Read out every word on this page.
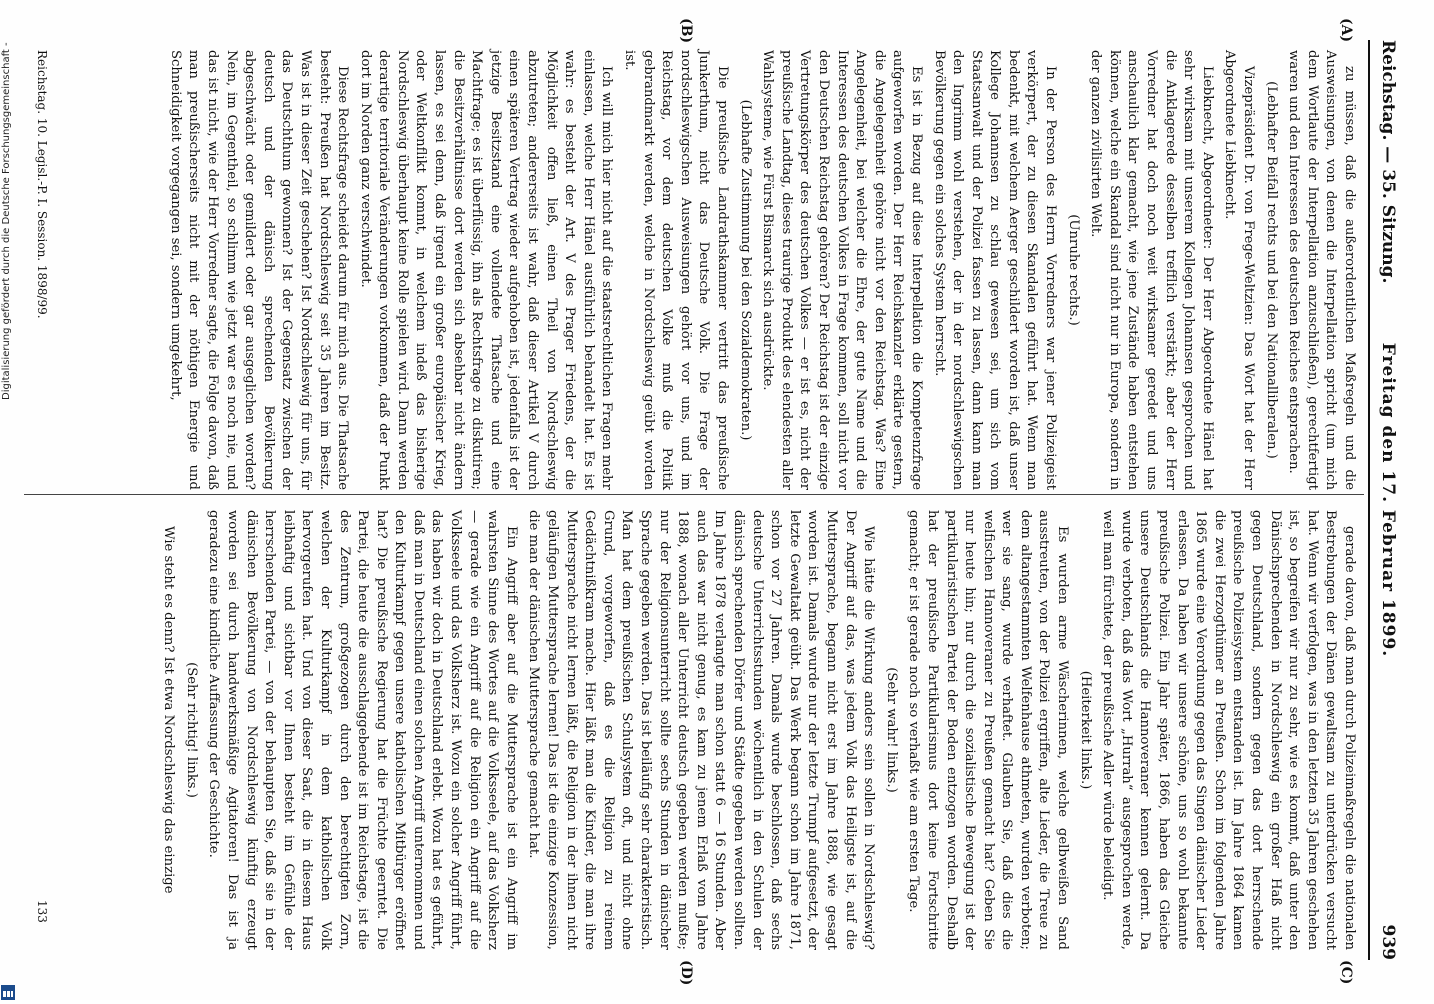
Reichstag. — 35. Sitzung.
Freitag den 17. Februar 1899.
939
(A)
(B)
(C)
(D)

zu müssen, daß die außerordentlichen Maßregeln und die Ausweisungen, von denen die Interpellation spricht (um mich dem Wortlaute der Interpellation anzuschließen), gerechtfertigt waren und den Interessen des deutschen Reiches entsprachen.

(Lebhafter Beifall rechts und bei den Nationalliberalen.)

Vizepräsident Dr. von Frege-Weltzien: Das Wort hat der Herr Abgeordnete Liebknecht.

Liebknecht, Abgeordneter: Der Herr Abgeordnete Hänel hat sehr wirksam mit unserem Kollegen Johannsen gesprochen und die Anklagerede desselben trefflich verstärkt; aber der Herr Vorredner hat doch noch weit wirksamer geredet und uns anschaulich klar gemacht, wie jene Zustände haben entstehen können, welche ein Skandal sind nicht nur in Europa, sondern in der ganzen zivilisirten Welt.

(Unruhe rechts.)

In der Person des Herrn Vorredners war jener Polizeigeist verkörpert, der zu diesen Skandalen geführt hat. Wenn man bedenkt, mit welchem Aerger geschildert worden ist, daß unser Kollege Johannsen zu schlau gewesen sei, um sich vom Staatsanwalt und der Polizei fassen zu lassen, dann kann man den Ingrimm wohl verstehen, der in der nordschleswigschen Bevölkerung gegen ein solches System herrscht.

Es ist in Bezug auf diese Interpellation die Kompetenzfrage aufgeworfen worden. Der Herr Reichskanzler erklärte gestern, die Angelegenheit gehöre nicht vor den Reichstag. Was? Eine Angelegenheit, bei welcher die Ehre, der gute Name und die Interessen des deutschen Volkes in Frage kommen, soll nicht vor den Deutschen Reichstag gehören? Der Reichstag ist der einzige Vertretungskörper des deutschen Volkes — er ist es, nicht der preußische Landtag, dieses traurige Produkt des elendesten aller Wahlsysteme, wie Fürst Bismarck sich ausdrückte.

(Lebhafte Zustimmung bei den Sozialdemokraten.)

Die preußische Landrathskammer vertritt das preußische Junkerthum, nicht das Deutsche Volk. Die Frage der nordschleswigschen Ausweisungen gehört vor uns, und im Reichstag, vor dem deutschen Volke muß die Politik gebrandmarkt werden, welche in Nordschleswig geübt worden ist.

Ich will mich hier nicht auf die staatsrechtlichen Fragen mehr einlassen, welche Herr Hänel ausführlich behandelt hat. Es ist wahr: es besteht der Art. V des Prager Friedens, der die Möglichkeit offen ließ, einen Theil von Nordschleswig abzutreten; andererseits ist wahr, daß dieser Artikel V durch einen späteren Vertrag wieder aufgehoben ist, jedenfalls ist der jetzige Besitzstand eine vollendete Thatsache und eine Machtfrage; es ist überflüssig, ihn als Rechtsfrage zu diskutiren; die Besitzverhältnisse dort werden sich absehbar nicht ändern lassen, es sei denn, daß irgend ein großer europäischer Krieg, oder Weltkonflikt kommt, in welchem indeß das bisherige Nordschleswig überhaupt keine Rolle spielen wird. Dann werden derartige territoriale Veränderungen vorkommen, daß der Punkt dort im Norden ganz verschwindet.

Diese Rechtsfrage scheidet darum für mich aus. Die Thatsache besteht: Preußen hat Nordschleswig seit 35 Jahren im Besitz. Was ist in dieser Zeit geschehen? Ist Nordschleswig für uns, für das Deutschthum gewonnen? Ist der Gegensatz zwischen der deutsch und der dänisch sprechenden Bevölkerung abgeschwächt oder gemildert oder gar ausgeglichen worden? Nein, im Gegentheil, so schlimm wie jetzt war es noch nie, und das ist nicht, wie der Herr Vorredner sagte, die Folge davon, daß man preußischerseits nicht mit der nöthigen Energie und Schneidigkeit vorgegangen sei, sondern umgekehrt,

gerade davon, daß man durch Polizeimaßregeln die nationalen Bestrebungen der Dänen gewaltsam zu unterdrücken versucht hat. Wenn wir verfolgen, was in den letzten 35 Jahren geschehen ist, so begreifen wir nur zu sehr, wie es kommt, daß unter den Dänischsprechenden in Nordschleswig ein großer Haß nicht gegen Deutschland, sondern gegen das dort herrschende preußische Polizeisystem entstanden ist. Im Jahre 1864 kamen die zwei Herzogthümer an Preußen. Schon im folgenden Jahre 1865 wurde eine Verordnung gegen das Singen dänischer Lieder erlassen. Da haben wir unsere schöne, uns so wohl bekannte preußische Polizei. Ein Jahr später, 1866, haben das Gleiche unsere Deutschlands die Hannoveraner kennen gelernt. Da wurde verboten, daß das Wort „Hurrah“ ausgesprochen werde, weil man fürchtete, der preußische Adler würde beleidigt.

(Heiterkeit links.)

Es wurden arme Wäscherinnen, welche gelbweißen Sand ausstreuten, von der Polizei ergriffen, alte Lieder, die Treue zu dem altangestammten Welfenhause athmeten, wurden verboten; wer sie sang, wurde verhaftet. Glauben Sie, daß dies die welfischen Hannoveraner zu Preußen gemacht hat? Geben Sie nur heute hin; nur durch die sozialistische Bewegung ist der partikularistischen Partei der Boden entzogen worden. Deshalb hat der preußische Partikularismus dort keine Fortschritte gemacht; er ist gerade noch so verhaßt wie am ersten Tage.

(Sehr wahr! links.)

Wie hätte die Wirkung anders sein sollen in Nordschleswig? Der Angriff auf das, was jedem Volk das Heiligste ist, auf die Muttersprache, begann nicht erst im Jahre 1888, wie gesagt worden ist. Damals wurde nur der letzte Trumpf aufgesetzt, der letzte Gewaltakt geübt. Das Werk begann schon im Jahre 1871, schon vor 27 Jahren. Damals wurde beschlossen, daß sechs deutsche Unterrichtsstunden wöchentlich in den Schulen der dänisch sprechenden Dörfer und Städte gegeben werden sollten. Im Jahre 1878 verlangte man schon statt 6 — 16 Stunden. Aber auch das war nicht genug, es kam zu jenem Erlaß vom Jahre 1888, wonach aller Unterricht deutsch gegeben werden mußte; nur der Religionsunterricht sollte sechs Stunden in dänischer Sprache gegeben werden. Das ist beiläufig sehr charakteristisch. Man hat dem preußischen Schulsystem oft, und nicht ohne Grund, vorgeworfen, daß es die Religion zu reinem Gedächtnißkram mache. Hier läßt man die Kinder, die man ihre Muttersprache nicht lernen läßt, die Religion in der ihnen nicht geläufigen Muttersprache lernen! Das ist die einzige Konzession, die man der dänischen Muttersprache gemacht hat.

Ein Angriff aber auf die Muttersprache ist ein Angriff im wahrsten Sinne des Wortes auf die Volksseele, auf das Volksherz — gerade wie ein Angriff auf die Religion ein Angriff auf die Volksseele und das Volksherz ist. Wozu ein solcher Angriff führt, das haben wir doch in Deutschland erlebt. Wozu hat es geführt, daß man in Deutschland einen solchen Angriff unternommen und den Kulturkampf gegen unsere katholischen Mitbürger eröffnet hat? Die preußische Regierung hat die Früchte geerntet. Die Partei, die heute die ausschlaggebende ist im Reichstage, ist die des Zentrum, großgezogen durch den berechtigten Zorn, welchen der Kulturkampf in dem katholischen Volk hervorgerufen hat. Und von dieser Saat, die in diesem Haus leibhaftig und sichtbar vor Ihnen besteht im Gefühle der herrschenden Partei, — von der behaupten Sie, daß sie in der dänischen Bevölkerung von Nordschleswig künftig erzeugt worden sei durch handwerksmäßige Agitatoren! Das ist ja geradezu eine kindliche Auffassung der Geschichte.

(Sehr richtig! links.)

Wie steht es denn? Ist etwa Nordschleswig das einzige

Reichstag. 10. Legisl.-P. I. Session. 1898/99.
133
Digitalisierung gefördert durch die Deutsche Forschungsgemeinschaft -
